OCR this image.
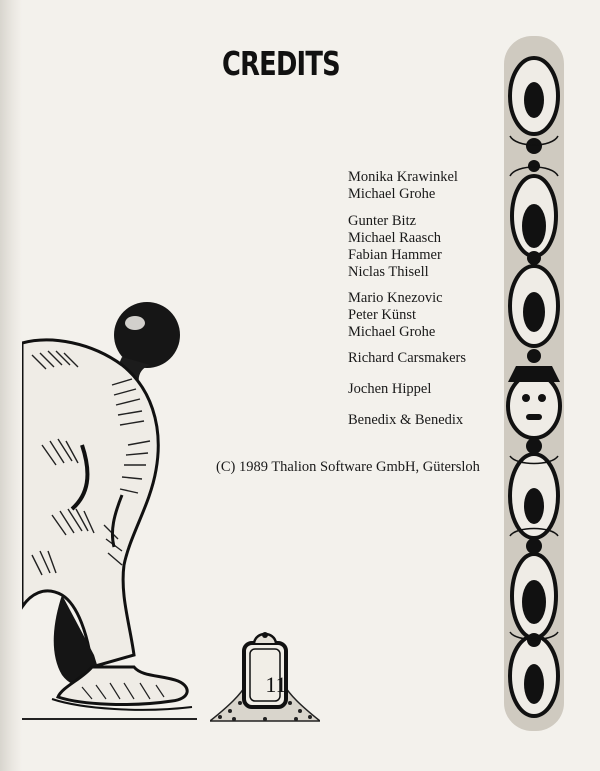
CREDITS
Monika Krawinkel
Michael Grohe
Gunter Bitz
Michael Raasch
Fabian Hammer
Niclas Thisell
Mario Knezovic
Peter Künst
Michael Grohe
Richard Carsmakers
Jochen Hippel
Benedix & Benedix
(C) 1989 Thalion Software GmbH, Gütersloh
11
